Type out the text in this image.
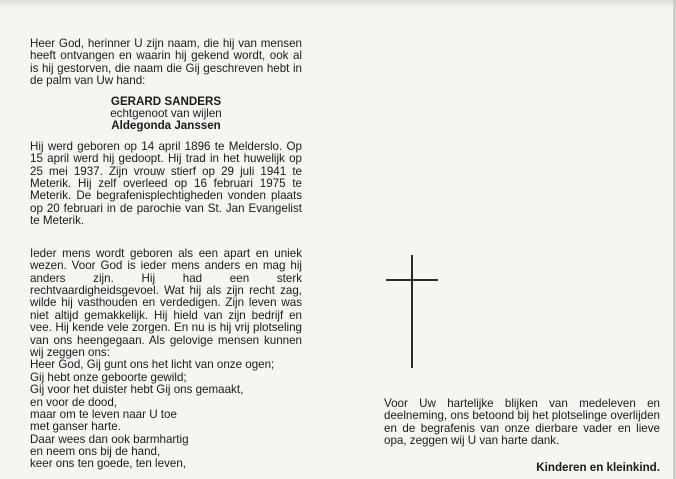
Heer God, herinner U zijn naam, die hij van mensen heeft ontvangen en waarin hij gekend wordt, ook al is hij gestorven, die naam die Gij geschreven hebt in de palm van Uw hand:

GERARD SANDERS
echtgenoot van wijlen
Aldegonda Janssen

Hij werd geboren op 14 april 1896 te Melderslo. Op 15 april werd hij gedoopt. Hij trad in het huwelijk op 25 mei 1937. Zijn vrouw stierf op 29 juli 1941 te Meterik. Hij zelf overleed op 16 februari 1975 te Meterik. De begrafenisplechtigheden vonden plaats op 20 februari in de parochie van St. Jan Evangelist te Meterik.

Ieder mens wordt geboren als een apart en uniek wezen. Voor God is ieder mens anders en mag hij anders zijn. Hij had een sterk rechtvaardigheidsgevoel. Wat hij als zijn recht zag, wilde hij vasthouden en verdedigen. Zijn leven was niet altijd gemakkelijk. Hij hield van zijn bedrijf en vee. Hij kende vele zorgen. En nu is hij vrij plotseling van ons heengegaan. Als gelovige mensen kunnen wij zeggen ons:

Heer God, Gij gunt ons het licht van onze ogen;
Gij hebt onze geboorte gewild;
Gij voor het duister hebt Gij ons gemaakt,
en voor de dood,
maar om te leven naar U toe
met ganser harte.
Daar wees dan ook barmhartig
en neem ons bij de hand,
keer ons ten goede, ten leven,

Voor Uw hartelijke blijken van medeleven en deelneming, ons betoond bij het plotselinge overlijden en de begrafenis van onze dierbare vader en lieve opa, zeggen wij U van harte dank.

Kinderen en kleinkind.
